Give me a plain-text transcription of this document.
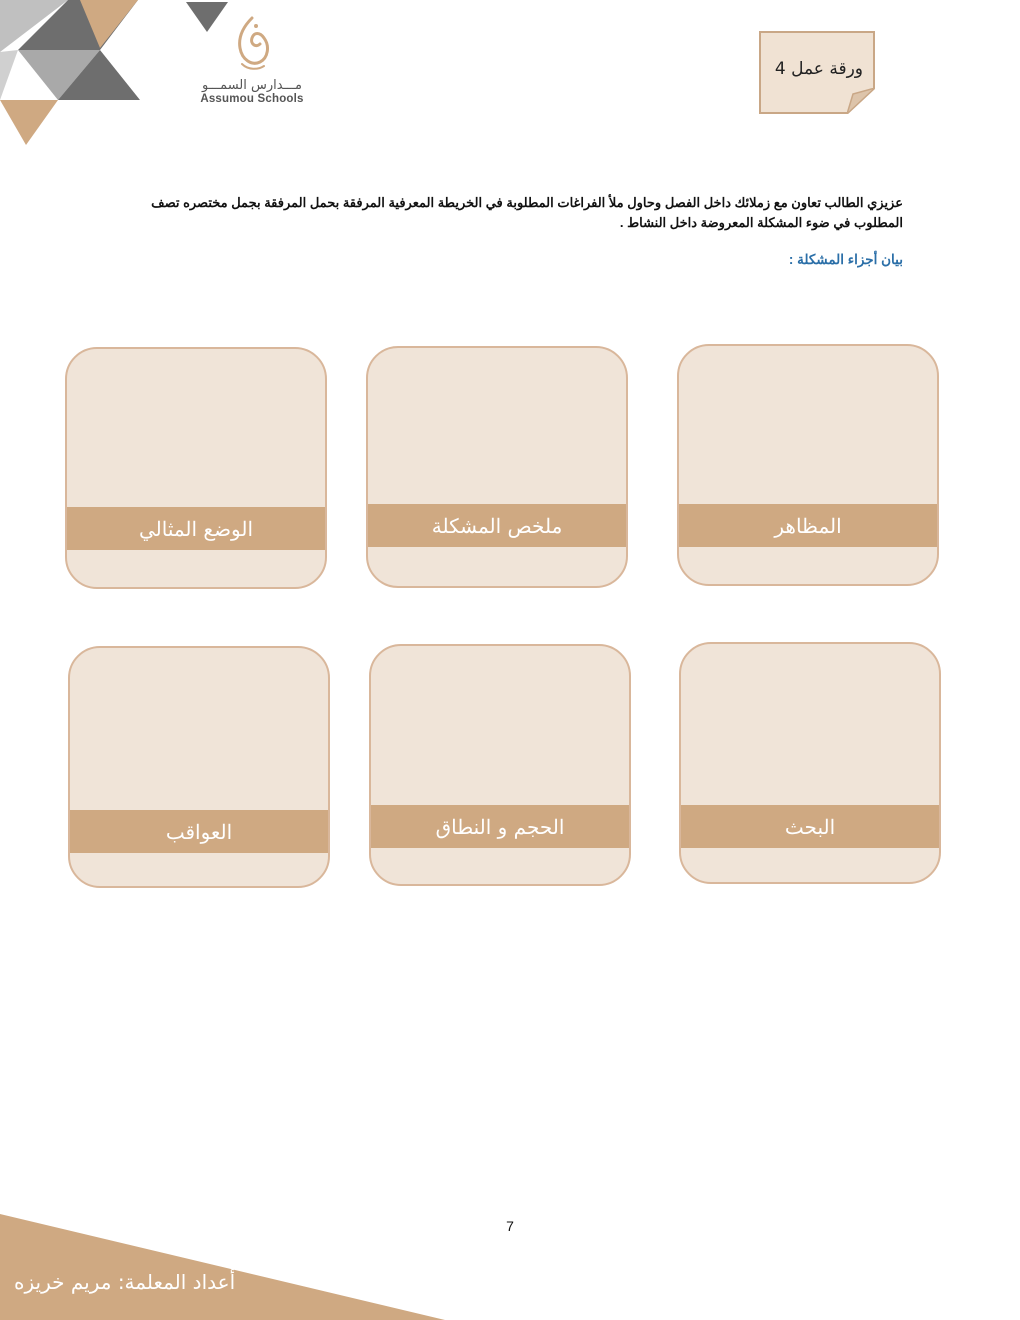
مـــدارس السمـــو
Assumou Schools
ورقة عمل 4
عزيزي الطالب تعاون مع زملائك داخل الفصل وحاول ملأ الفراغات المطلوبة في الخريطة المعرفية المرفقة بحمل المرفقة بجمل مختصره تصف المطلوب في ضوء المشكلة المعروضة داخل النشاط .
بيان أجزاء المشكلة :
المظاهر
ملخص المشكلة
الوضع المثالي
البحث
الحجم و النطاق
العواقب
7
أعداد المعلمة: مريم خريزه
